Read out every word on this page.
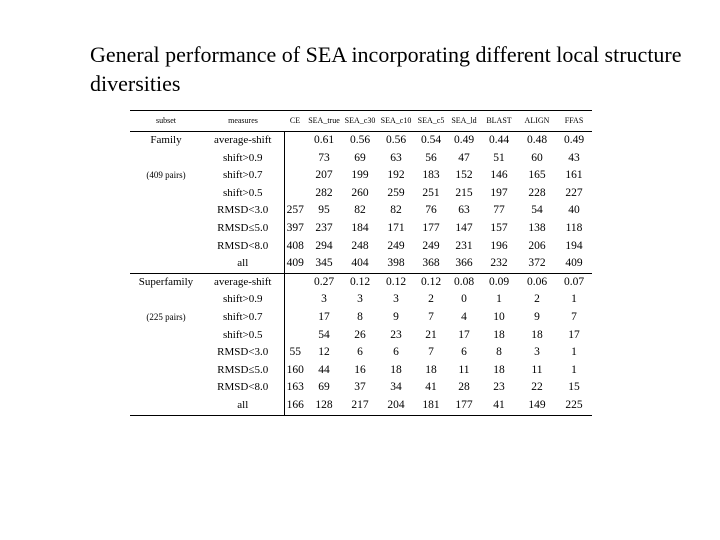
General performance of SEA incorporating different local structure diversities
subset	measures	CE	SEA_true	SEA_c30	SEA_c10	SEA_c5	SEA_ld	BLAST	ALIGN	FFAS
Family	average-shift		0.61	0.56	0.56	0.54	0.49	0.44	0.48	0.49
	shift>0.9		73	69	63	56	47	51	60	43
(409 pairs)	shift>0.7		207	199	192	183	152	146	165	161
	shift>0.5		282	260	259	251	215	197	228	227
	RMSD<3.0	257	95	82	82	76	63	77	54	40
	RMSD≤5.0	397	237	184	171	177	147	157	138	118
	RMSD<8.0	408	294	248	249	249	231	196	206	194
	all	409	345	404	398	368	366	232	372	409
Superfamily	average-shift		0.27	0.12	0.12	0.12	0.08	0.09	0.06	0.07
	shift>0.9		3	3	3	2	0	1	2	1
(225 pairs)	shift>0.7		17	8	9	7	4	10	9	7
	shift>0.5		54	26	23	21	17	18	18	17
	RMSD<3.0	55	12	6	6	7	6	8	3	1
	RMSD≤5.0	160	44	16	18	18	11	18	11	1
	RMSD<8.0	163	69	37	34	41	28	23	22	15
	all	166	128	217	204	181	177	41	149	225
